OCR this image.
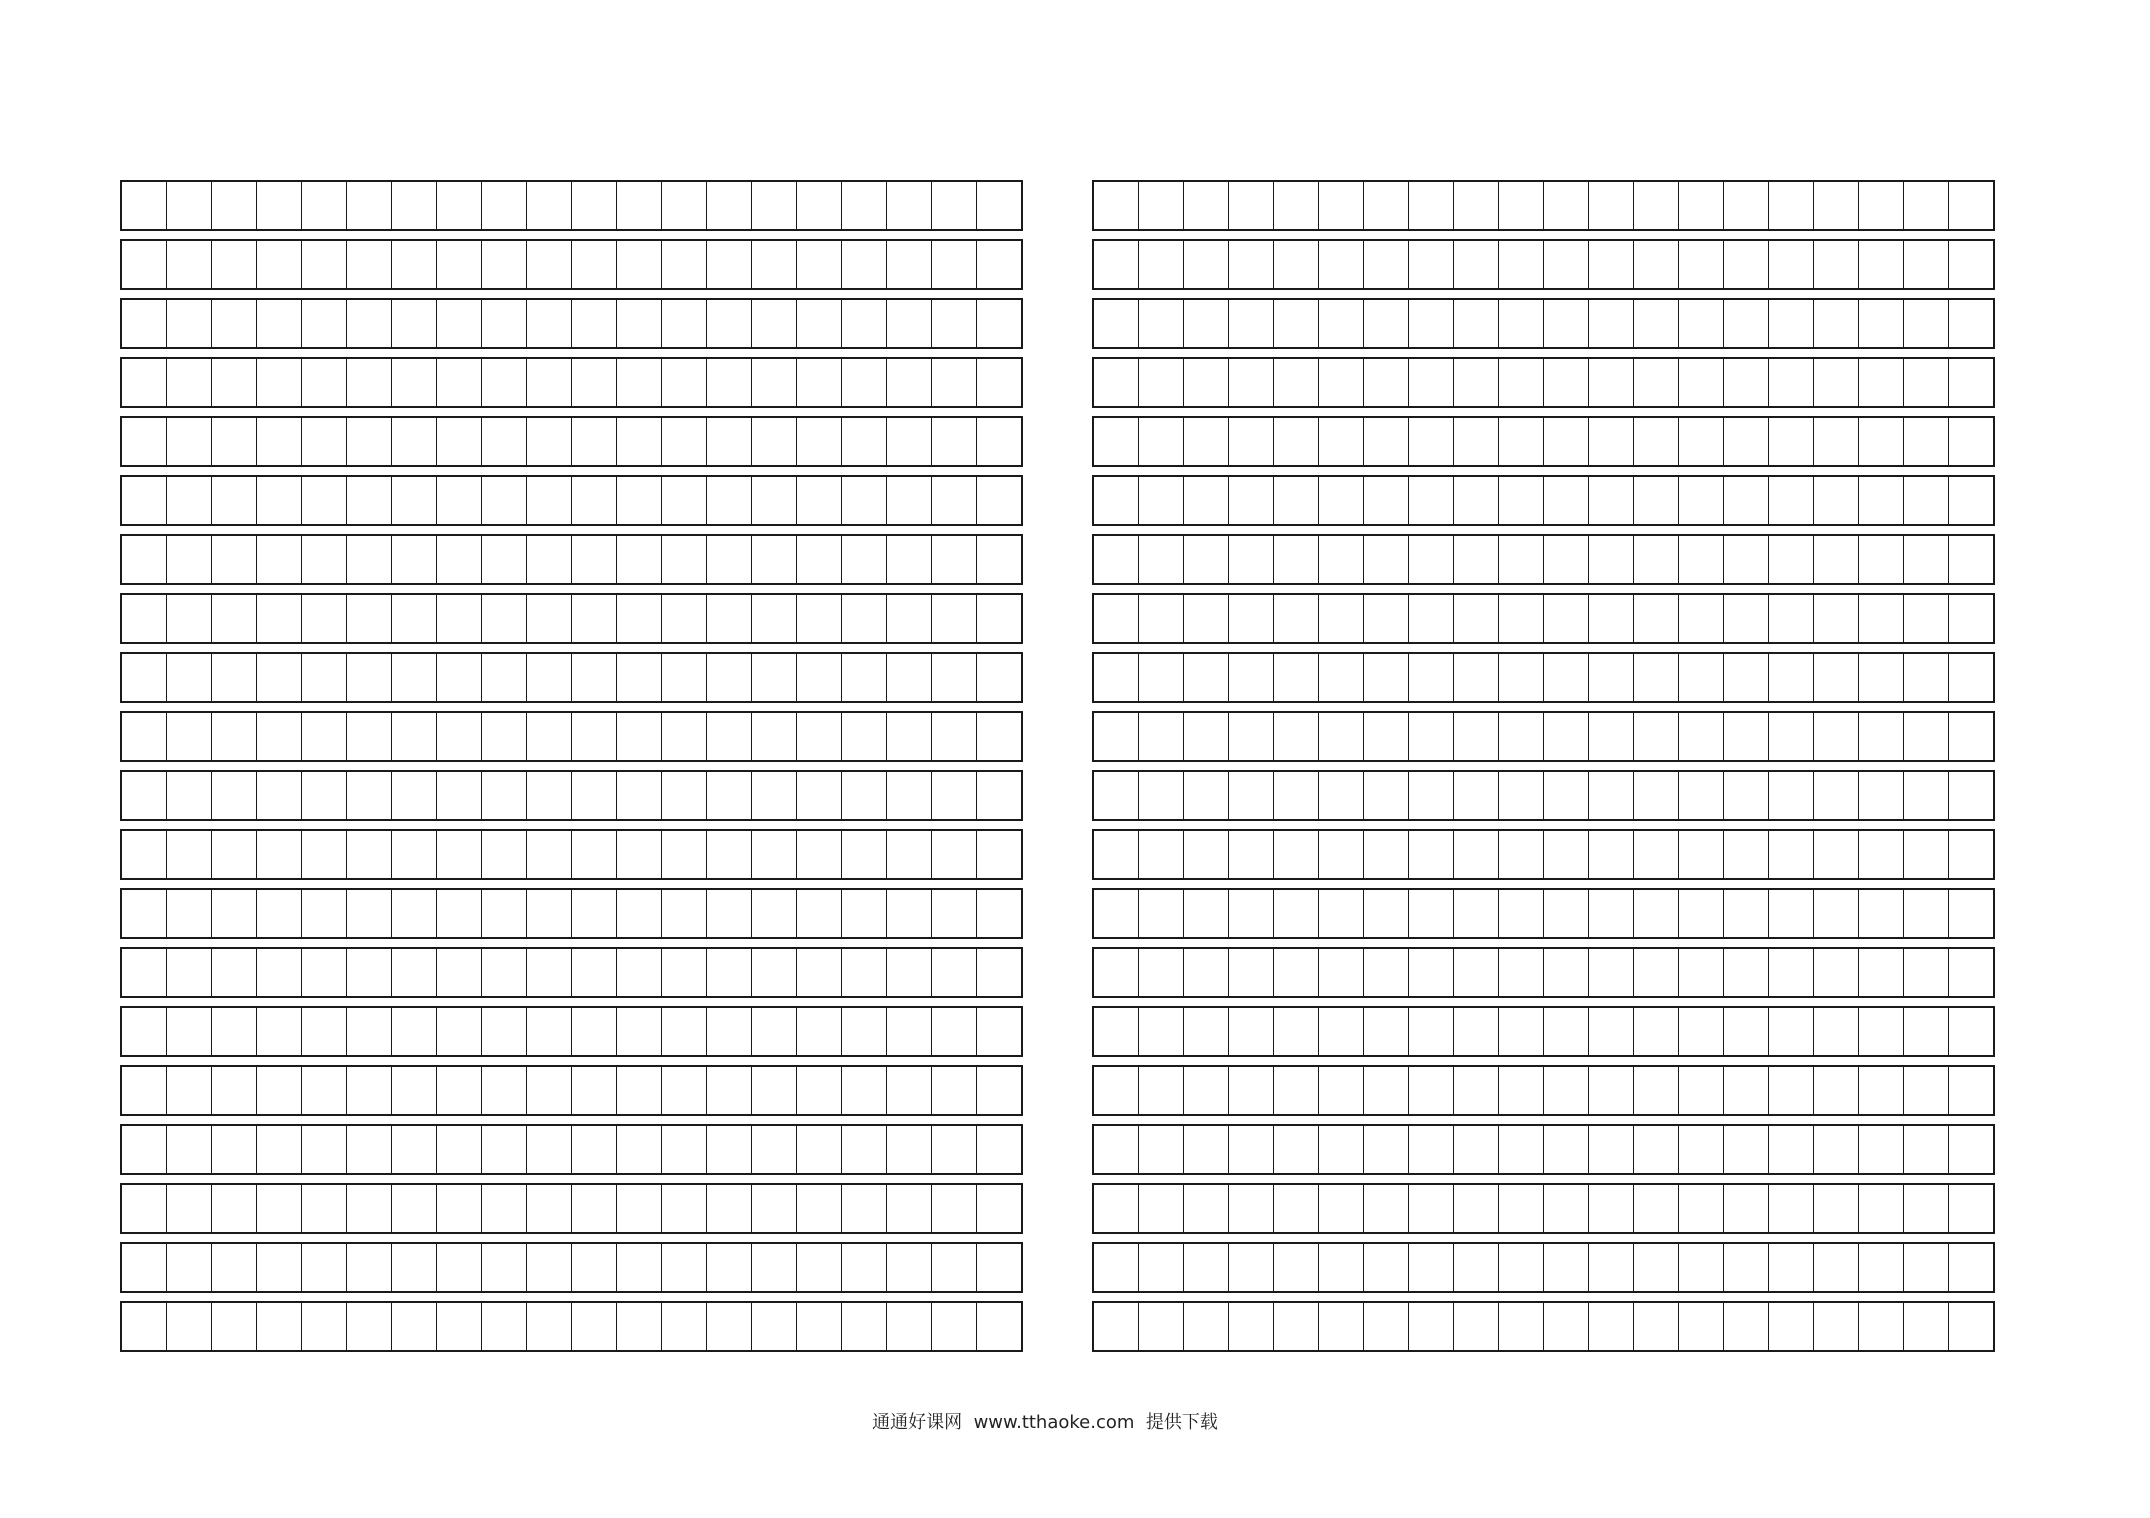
通通好课网  www.tthaoke.com  提供下载
